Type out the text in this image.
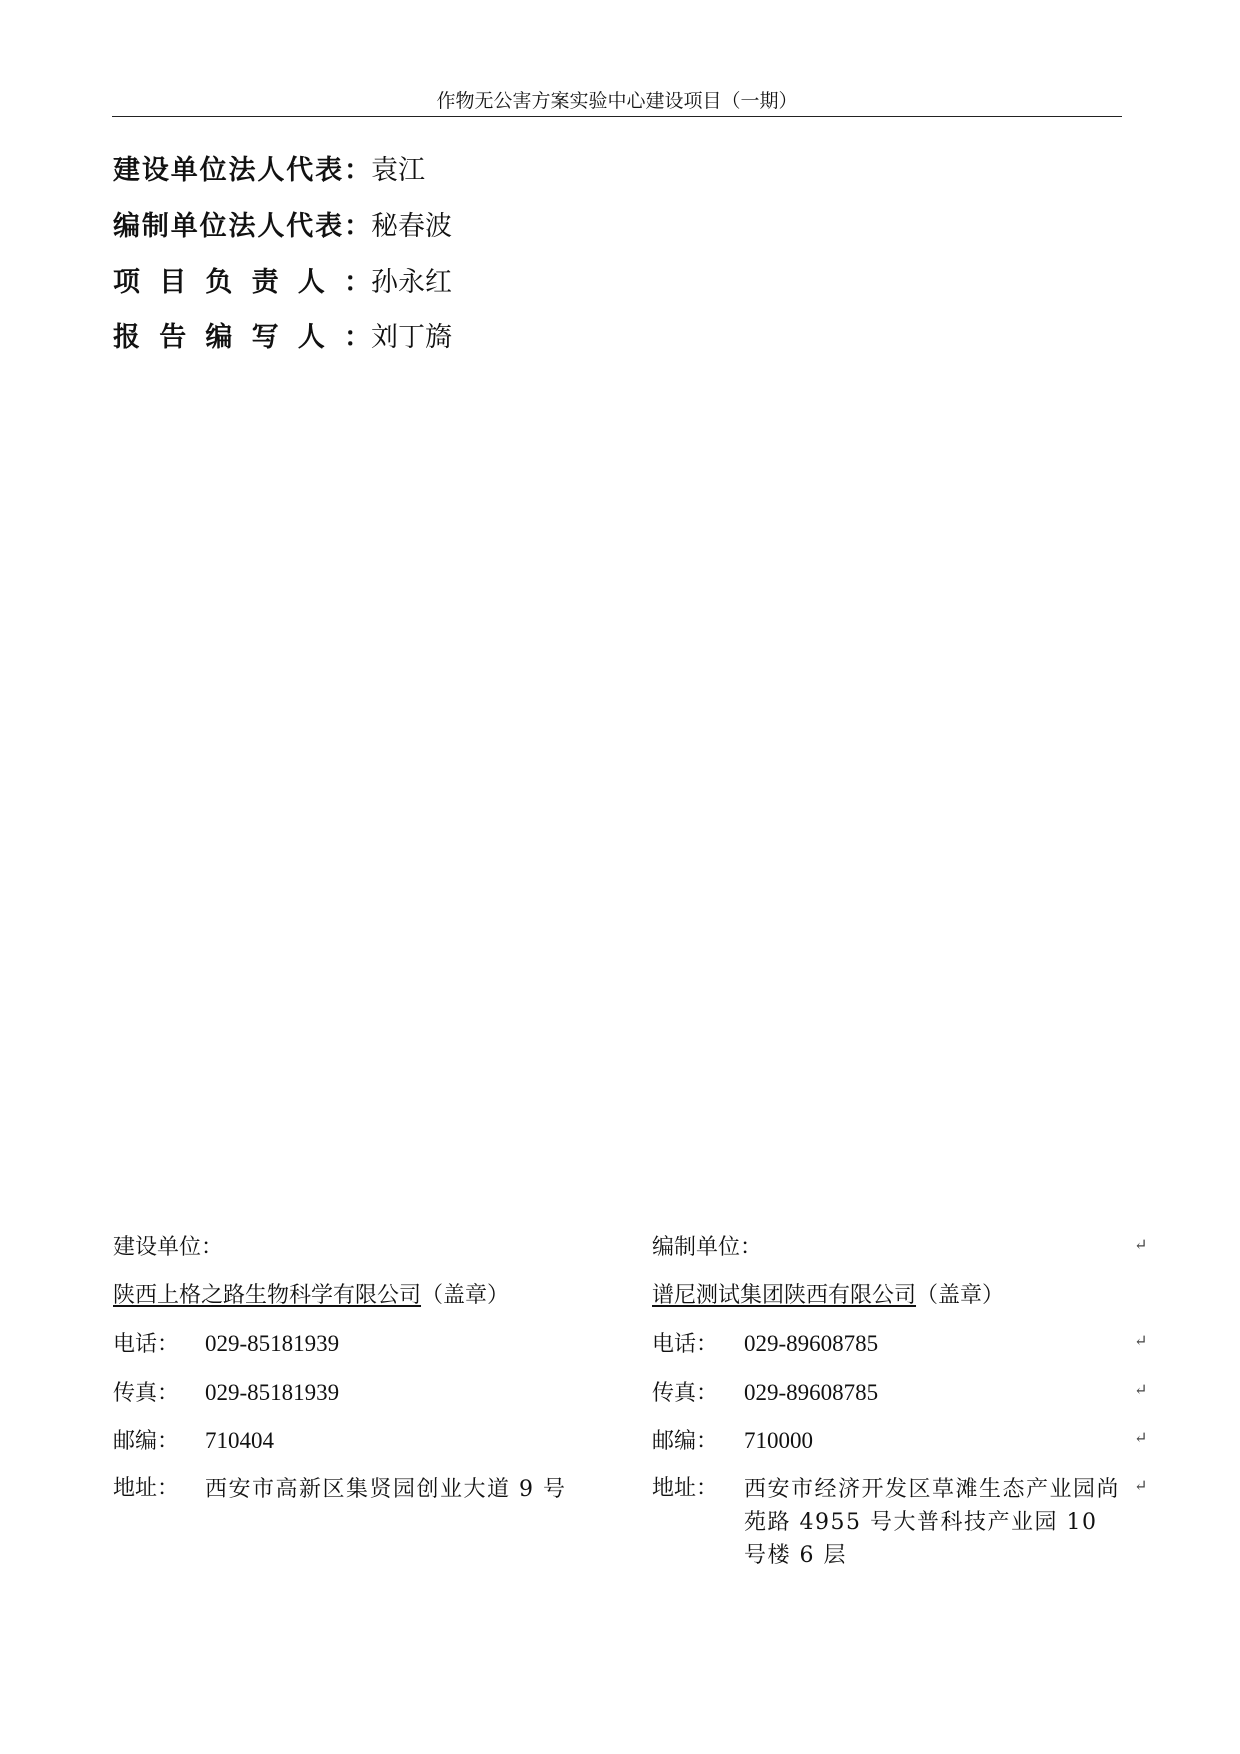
作物无公害方案实验中心建设项目（一期）
建设单位法人代表：袁江
编制单位法人代表：秘春波
项目负责人：孙永红
报告编写人：刘丁旖
建设单位：
陕西上格之路生物科学有限公司（盖章）
电话： 029-85181939
传真： 029-85181939
邮编： 710404
地址： 西安市高新区集贤园创业大道 9 号
编制单位：
谱尼测试集团陕西有限公司（盖章）
电话： 029-89608785
传真： 029-89608785
邮编： 710000
地址： 西安市经济开发区草滩生态产业园尚苑路 4955 号大普科技产业园 10 号楼 6 层
↵
↵
↵
↵
↵
